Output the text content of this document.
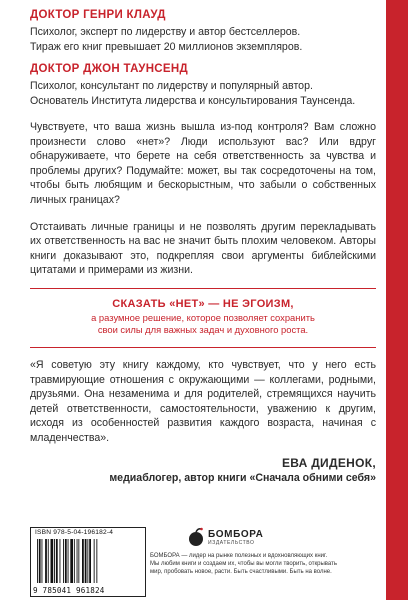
ДОКТОР ГЕНРИ КЛАУД

Психолог, эксперт по лидерству и автор бестселлеров.
Тираж его книг превышает 20 миллионов экземпляров.

ДОКТОР ДЖОН ТАУНСЕНД

Психолог, консультант по лидерству и популярный автор.
Основатель Института лидерства и консультирования Таунсенда.

Чувствуете, что ваша жизнь вышла из-под контроля? Вам сложно произнести слово «нет»? Люди используют вас? Или вдруг обнаруживаете, что берете на себя ответственность за чувства и проблемы других? Подумайте: может, вы так сосредоточены на том, чтобы быть любящим и бескорыстным, что забыли о собственных личных границах?

Отстаивать личные границы и не позволять другим перекладывать их ответственность на вас не значит быть плохим человеком. Авторы книги доказывают это, подкрепляя свои аргументы библейскими цитатами и примерами из жизни.

СКАЗАТЬ «НЕТ» — НЕ ЭГОИЗМ,
а разумное решение, которое позволяет сохранить
свои силы для важных задач и духовного роста.

«Я советую эту книгу каждому, кто чувствует, что у него есть травмирующие отношения с окружающими — коллегами, родными, друзьями. Она незаменима и для родителей, стремящихся научить детей ответственности, самостоятельности, уважению к другим, исходя из особенностей развития каждого возраста, начиная с младенчества».

ЕВА ДИДЕНОК,
медиаблогер, автор книги «Сначала обними себя»
ISBN 978-5-04-196182-4
9 785041 961824
БОМБОРА
ИЗДАТЕЛЬСТВО
БОМБОРА — лидер на рынке полезных и вдохновляющих книг.
Мы любим книги и создаем их, чтобы вы могли творить, открывать
мир, пробовать новое, расти. Быть счастливыми. Быть на волне.
